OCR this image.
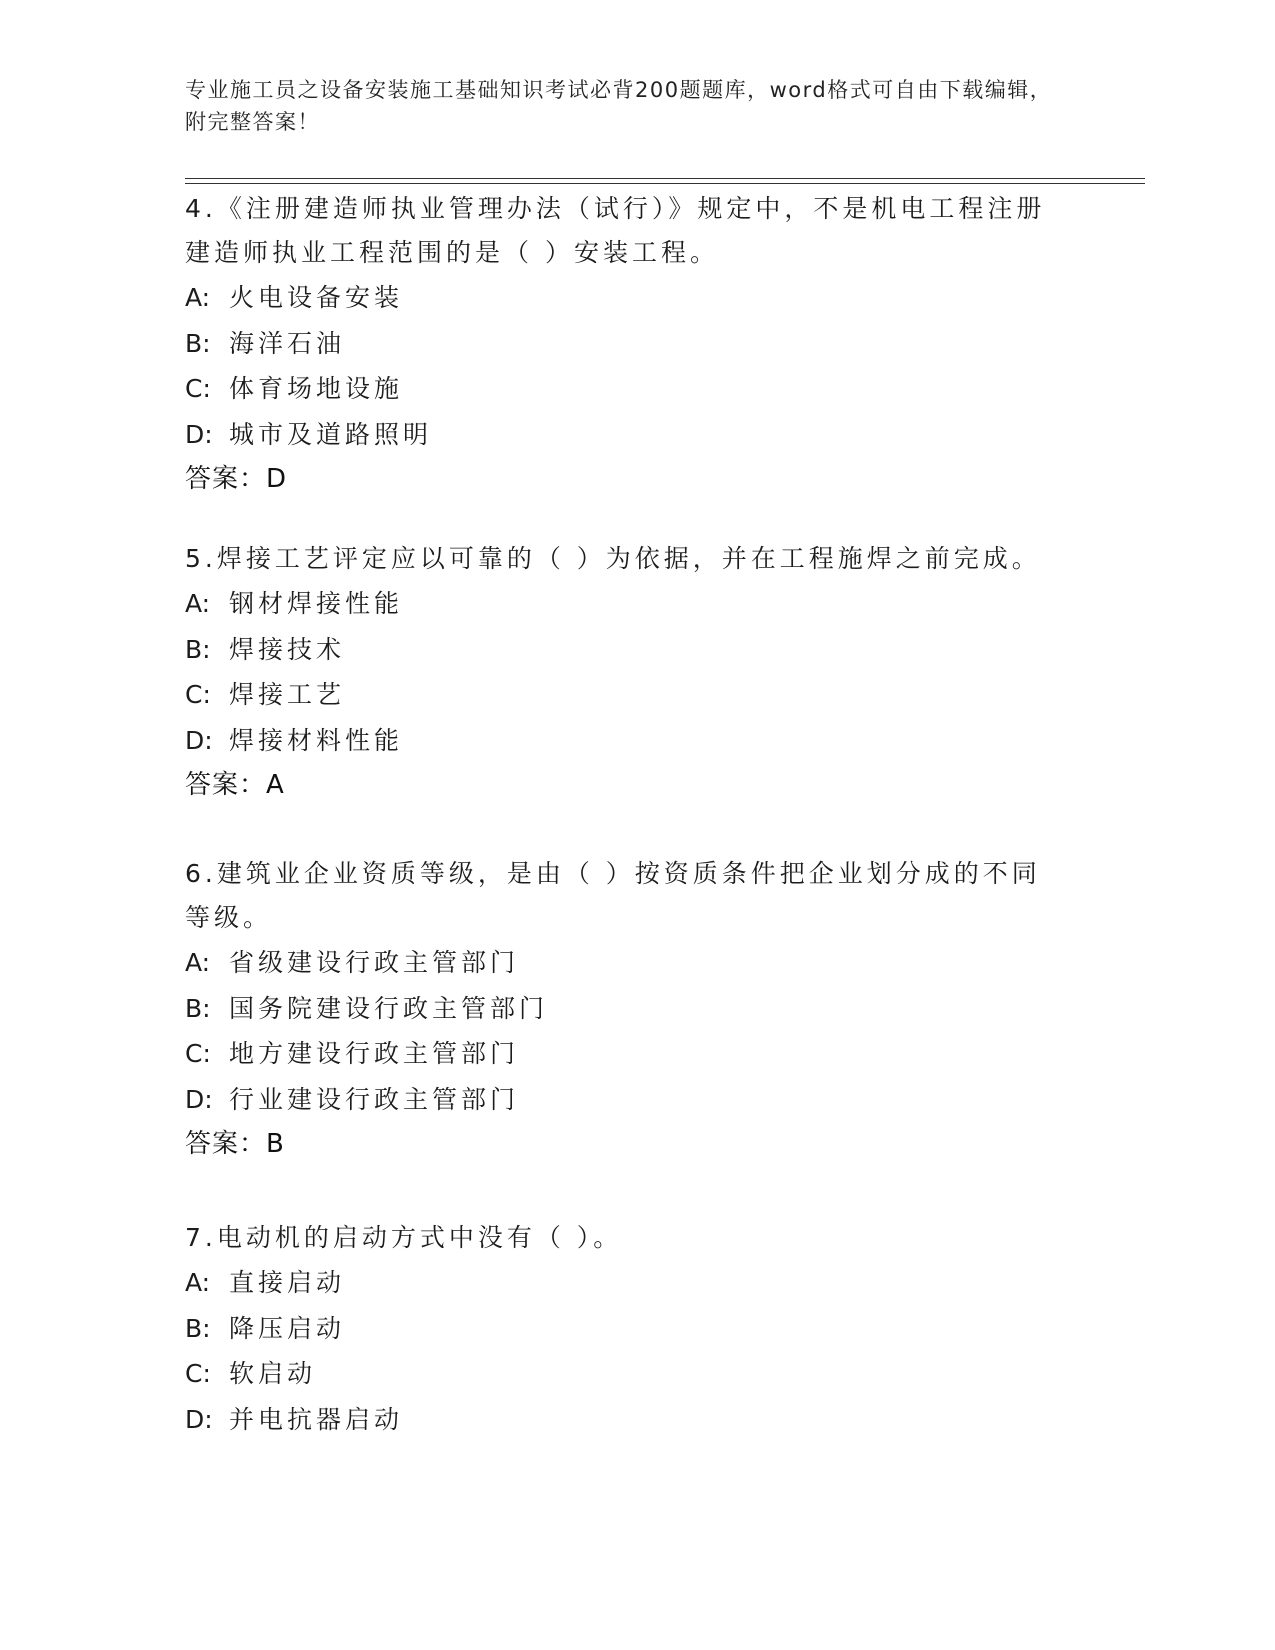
专业施工员之设备安装施工基础知识考试必背200题题库，word格式可自由下载编辑，附完整答案！

4.《注册建造师执业管理办法（试行）》规定中，不是机电工程注册建造师执业工程范围的是（ ）安装工程。

A: 火电设备安装

B: 海洋石油

C: 体育场地设施

D: 城市及道路照明

答案：D

5.焊接工艺评定应以可靠的（ ）为依据，并在工程施焊之前完成。

A: 钢材焊接性能

B: 焊接技术

C: 焊接工艺

D: 焊接材料性能

答案：A

6.建筑业企业资质等级，是由（ ）按资质条件把企业划分成的不同等级。

A: 省级建设行政主管部门

B: 国务院建设行政主管部门

C: 地方建设行政主管部门

D: 行业建设行政主管部门

答案：B

7.电动机的启动方式中没有（ ）。

A: 直接启动

B: 降压启动

C: 软启动

D: 并电抗器启动
